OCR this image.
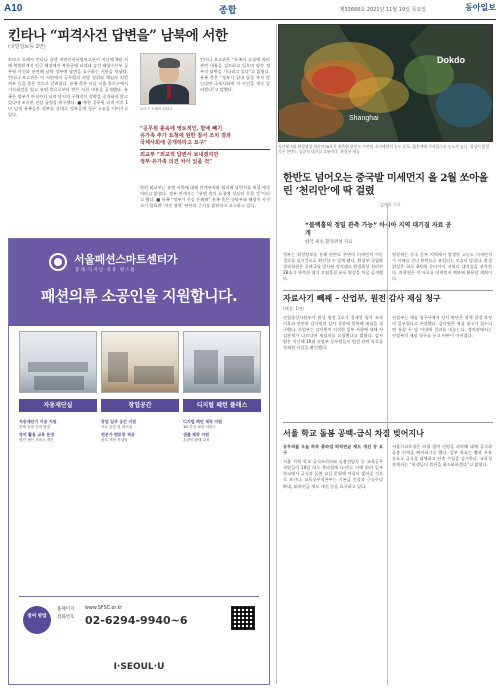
A10	종합	제33666호 2021년 11월 19일 목요일	동아일보
킨타나 “피격사건 답변을” 남북에 서한
(국민일보등 2면)
토마스 오헤아 킨타나 유엔 북한인권특별보고관이 지난해 9월 서해 북방한계선 인근 해상에서 북한군에 피격돼 숨진 해양수산부 공무원 사건과 관련해 남북 정부에 답변을 요구하는 서한을 보냈다. 킨타나 보고관은 이 서한에서 공무원의 사망 경위와 책임자 처벌 여부 등을 물은 것으로 알려졌다. 유족 측은 이날 서울 종로구에서 기자회견을 열고 유엔 측으로부터 받은 서한 내용을 공개했다. 유족은 정부가 아직까지 피격 당시의 구체적인 상황을 공개하지 않고 있다며 조속한 진상 규명을 촉구했다. ■ 북한 공무원 피격 이후 1년 넘게 유족들은 정부를 상대로 정보공개 청구 소송을 이어가고 있다.
토마스 오헤아 킨타나
킨타나 보고관은 “유족의 요청에 따라 관련 내용을 검토하고 있으며 양측 정부의 답변을 기다리고 있다”고 밝혔다. 유족 측은 “정부가 끝내 답을 주지 않는다면 국제사회에 이 사건을 계속 알리겠다”고 말했다.
“공무원 훈육에 영토적인, 함에 빼기
유가족 추가 요청에 원한 참서 조치 결과
국제사회에 공개하라고 요구”
외교부 “외교적 답변서 보내겠지만
정부·유가족 의견 차이 있을 것”
한편 외교부는 유엔 서한에 대해 관계부처와 협의해 답변서를 보낼 예정이라고 밝혔다. 정부 관계자는 “유엔 측의 요청에 성실히 응할 것”이라고 했다. ■ 유족 “정부가 진실 은폐해” 유족 측은 국방부와 해경이 사건 초기 발표한 ‘자진 월북’ 판단의 근거를 밝히라고 요구하고 있다.
Dokdo
Shanghai
지난해 3월 환경위성 천리안2B호가 관측한 한반도 주변의 초미세먼지 농도 분포. 붉은색에 가까울수록 농도가 높다. 위성이 밝힌 것은 한반도 상공의 대기질 흐름이다. 환경부 제공
한반도 넘어오는 중국발 미세먼지 올 2월 쏘아올린 ‘천리안’에 딱 걸렸
김예윤 기자
“블랙홀의 정밀 관측 가능” 아시아 지역 대기질 자료 공개
한국 최초 환경위성 자료
정부는 위성정보를 통해 한반도 주변의 미세먼지 이동 경로를 실시간으로 확인할 수 있게 됐다. 환경부 국립환경과학원은 올해 2월 발사된 정지궤도 환경위성 천리안2B호가 관측한 대기 오염물질 분포 영상을 처음 공개했다.
영상에는 중국 동부 지역에서 발생한 고농도 미세먼지가 서해를 건너 한반도로 유입되는 모습이 담겼다. 환경위성은 하루 8차례 동아시아 지역의 대기질을 관측한다. 과학원은 이 자료를 미세먼지 예보에 활용할 계획이다.
자료사기 빼째 – 산업부, 원전 감사 재심 청구
(해설: 1면)
산업통상자원부가 월성 원전 1호기 경제성 평가 조작 의혹과 관련한 감사원의 감사 결과에 불복해 재심을 청구했다. 산업부는 감사원이 지적한 일부 사항에 대해 사실관계가 다르다며 재심의를 요청했다고 밝혔다. 감사원은 지난해 10월 산업부 공무원들이 원전 관련 자료를 삭제한 사실을 확인했다.
산업부는 재심 청구서에서 당시 판단은 정책 결정 과정의 일부였다고 주장했다. 감사원은 재심 청구가 접수되면 통상 두 달 이내에 결과를 내놓는다. 정치권에서는 산업부의 재심 청구를 두고 비판이 이어졌다.
서울 학교 돌봄 공백-급식 차질 빚어지나
공무직들 오늘 하루 총파업 퇴직연금 제도 개선 등 요구
서울 지역 학교 급식조리사와 돌봄전담사 등 교육공무직원들이 19일 하루 총파업에 나선다. 이에 따라 일부 학교에서 급식과 돌봄 교실 운영에 차질이 빚어질 것으로 보인다. 교육공무직본부는 기본급 인상과 근속수당 확대, 퇴직연금 제도 개선 등을 요구하고 있다.
서울시교육청은 파업 참여 인원을 파악해 대체 급식과 돌봄 인력을 배치하기로 했다. 일부 학교는 빵과 우유 등으로 급식을 대체하고 단축 수업을 실시한다. 교육청 관계자는 “학생들의 불편을 최소화하겠다”고 밝혔다.
서울패션스마트센터가
봉제·디자인·유통 원스톱
패션의류 소공인을 지원합니다.
자동재단실	창업공간	디지털 패턴 플래스
자동재단기 이용 지원
봉제 공장 인력 양성
장비 활용 교육 운영
원단 재단 서비스 제공
창업 입주 공간 지원
사무 공간 및 회의실
전문가 멘토링 제공
판로 개척 컨설팅
디지털 패턴 제작 지원
3D 가상 피팅 서비스
샘플 제작 지원
온라인 판매 교육
참여 방법
홈페이지
전화번호
www.SFSC.or.kr
02-6294-9940~6
I·SEOUL·U
